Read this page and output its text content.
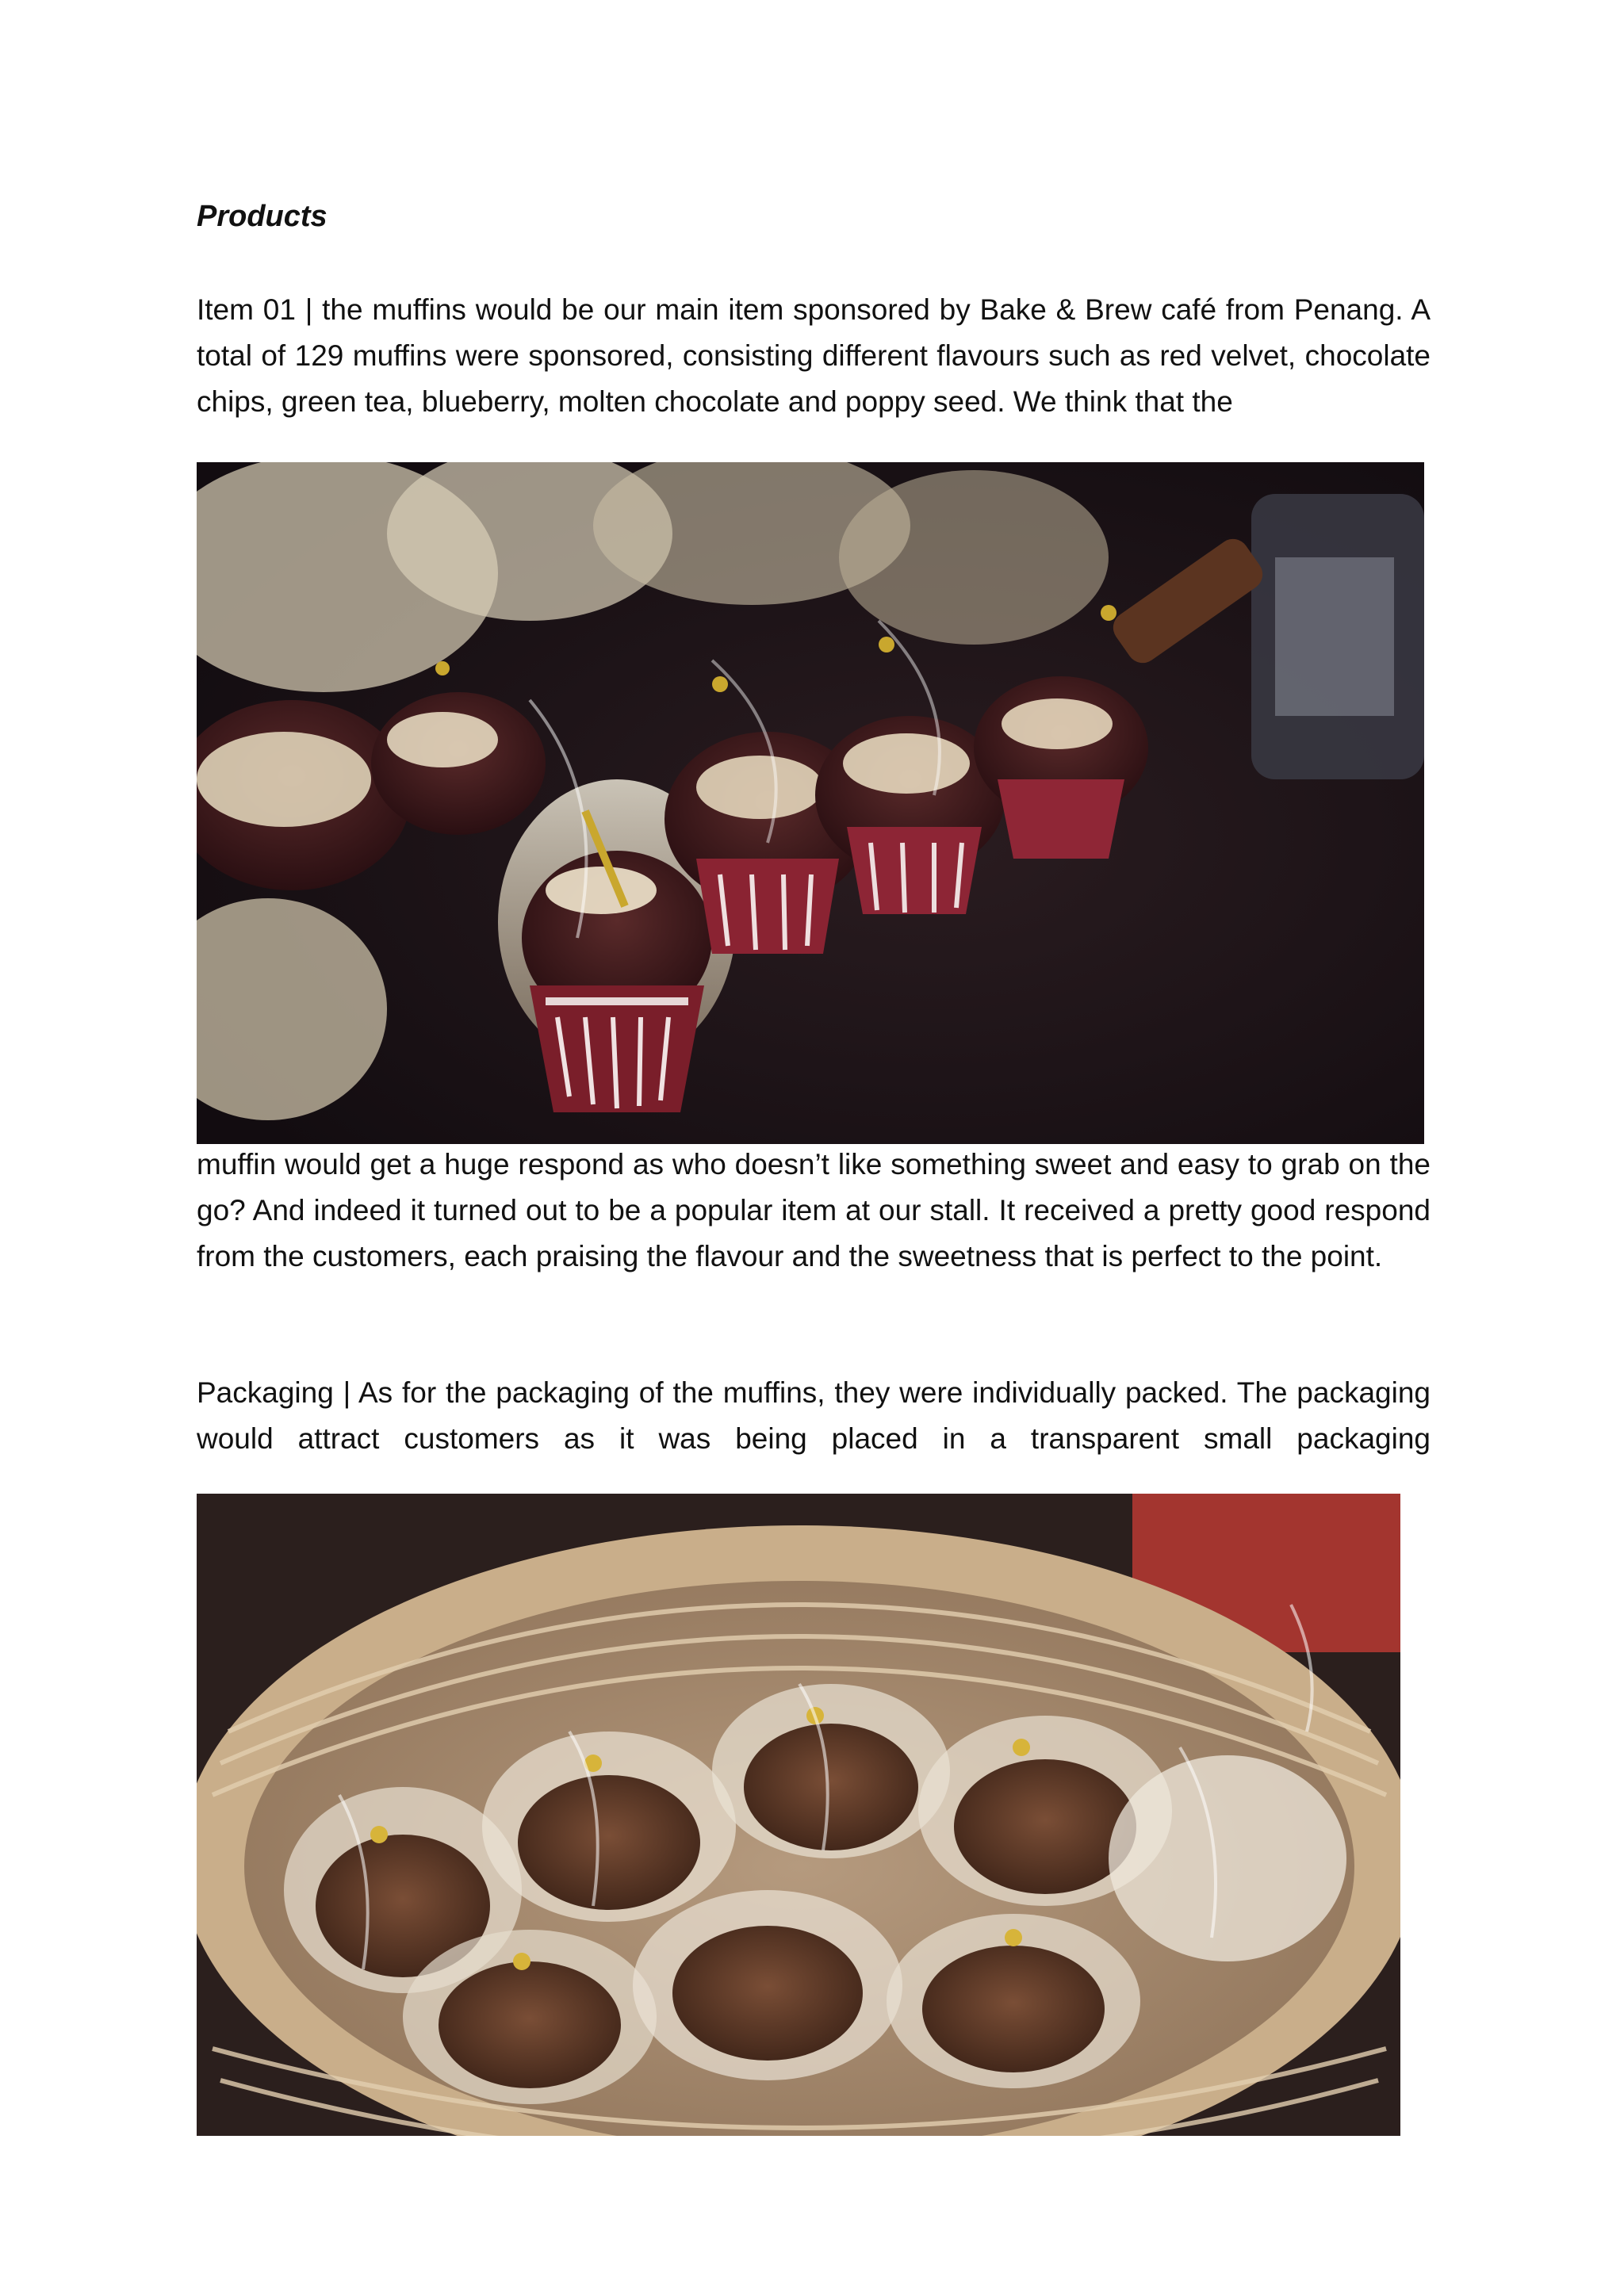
Products
Item 01 | the muffins would be our main item sponsored by Bake & Brew café from Penang. A total of 129 muffins were sponsored, consisting different flavours such as red velvet, chocolate chips, green tea, blueberry, molten chocolate and poppy seed. We think that the
muffin would get a huge respond as who doesn’t like something sweet and easy to grab on the go? And indeed it turned out to be a popular item at our stall. It received a pretty good respond from the customers, each praising the flavour and the sweetness that is perfect to the point.
Packaging | As for the packaging of the muffins, they were individually packed. The packaging would attract customers as it was being placed in a transparent small packaging
